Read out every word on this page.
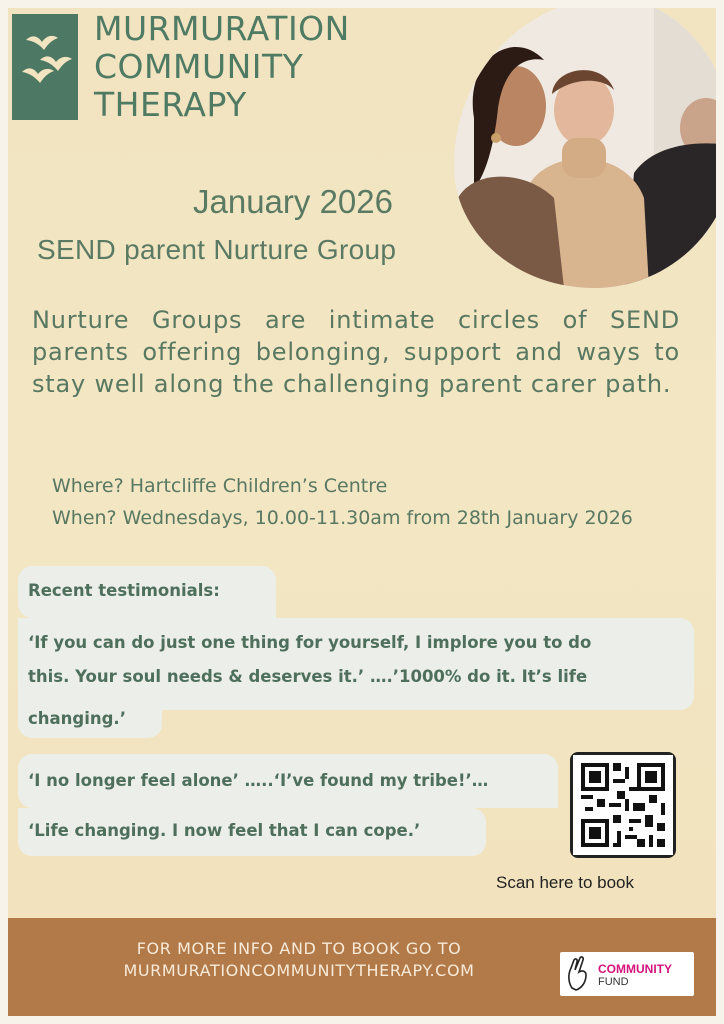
MURMURATION
COMMUNITY
THERAPY
January 2026
SEND parent Nurture Group
Nurture Groups are intimate circles of SEND parents offering belonging, support and ways to stay well along the challenging parent carer path.
Where? Hartcliffe Children’s Centre
When? Wednesdays, 10.00-11.30am from 28th January 2026
Recent testimonials:
‘If you can do just one thing for yourself, I implore you to do
this. Your soul needs & deserves it.’ ….’1000% do it. It’s life
changing.’
‘I no longer feel alone’ …..‘I’ve found my tribe!’…
‘Life changing. I now feel that I can cope.’
Scan here to book
FOR MORE INFO AND TO BOOK GO TO
MURMURATIONCOMMUNITYTHERAPY.COM	COMMUNITY
FUND
